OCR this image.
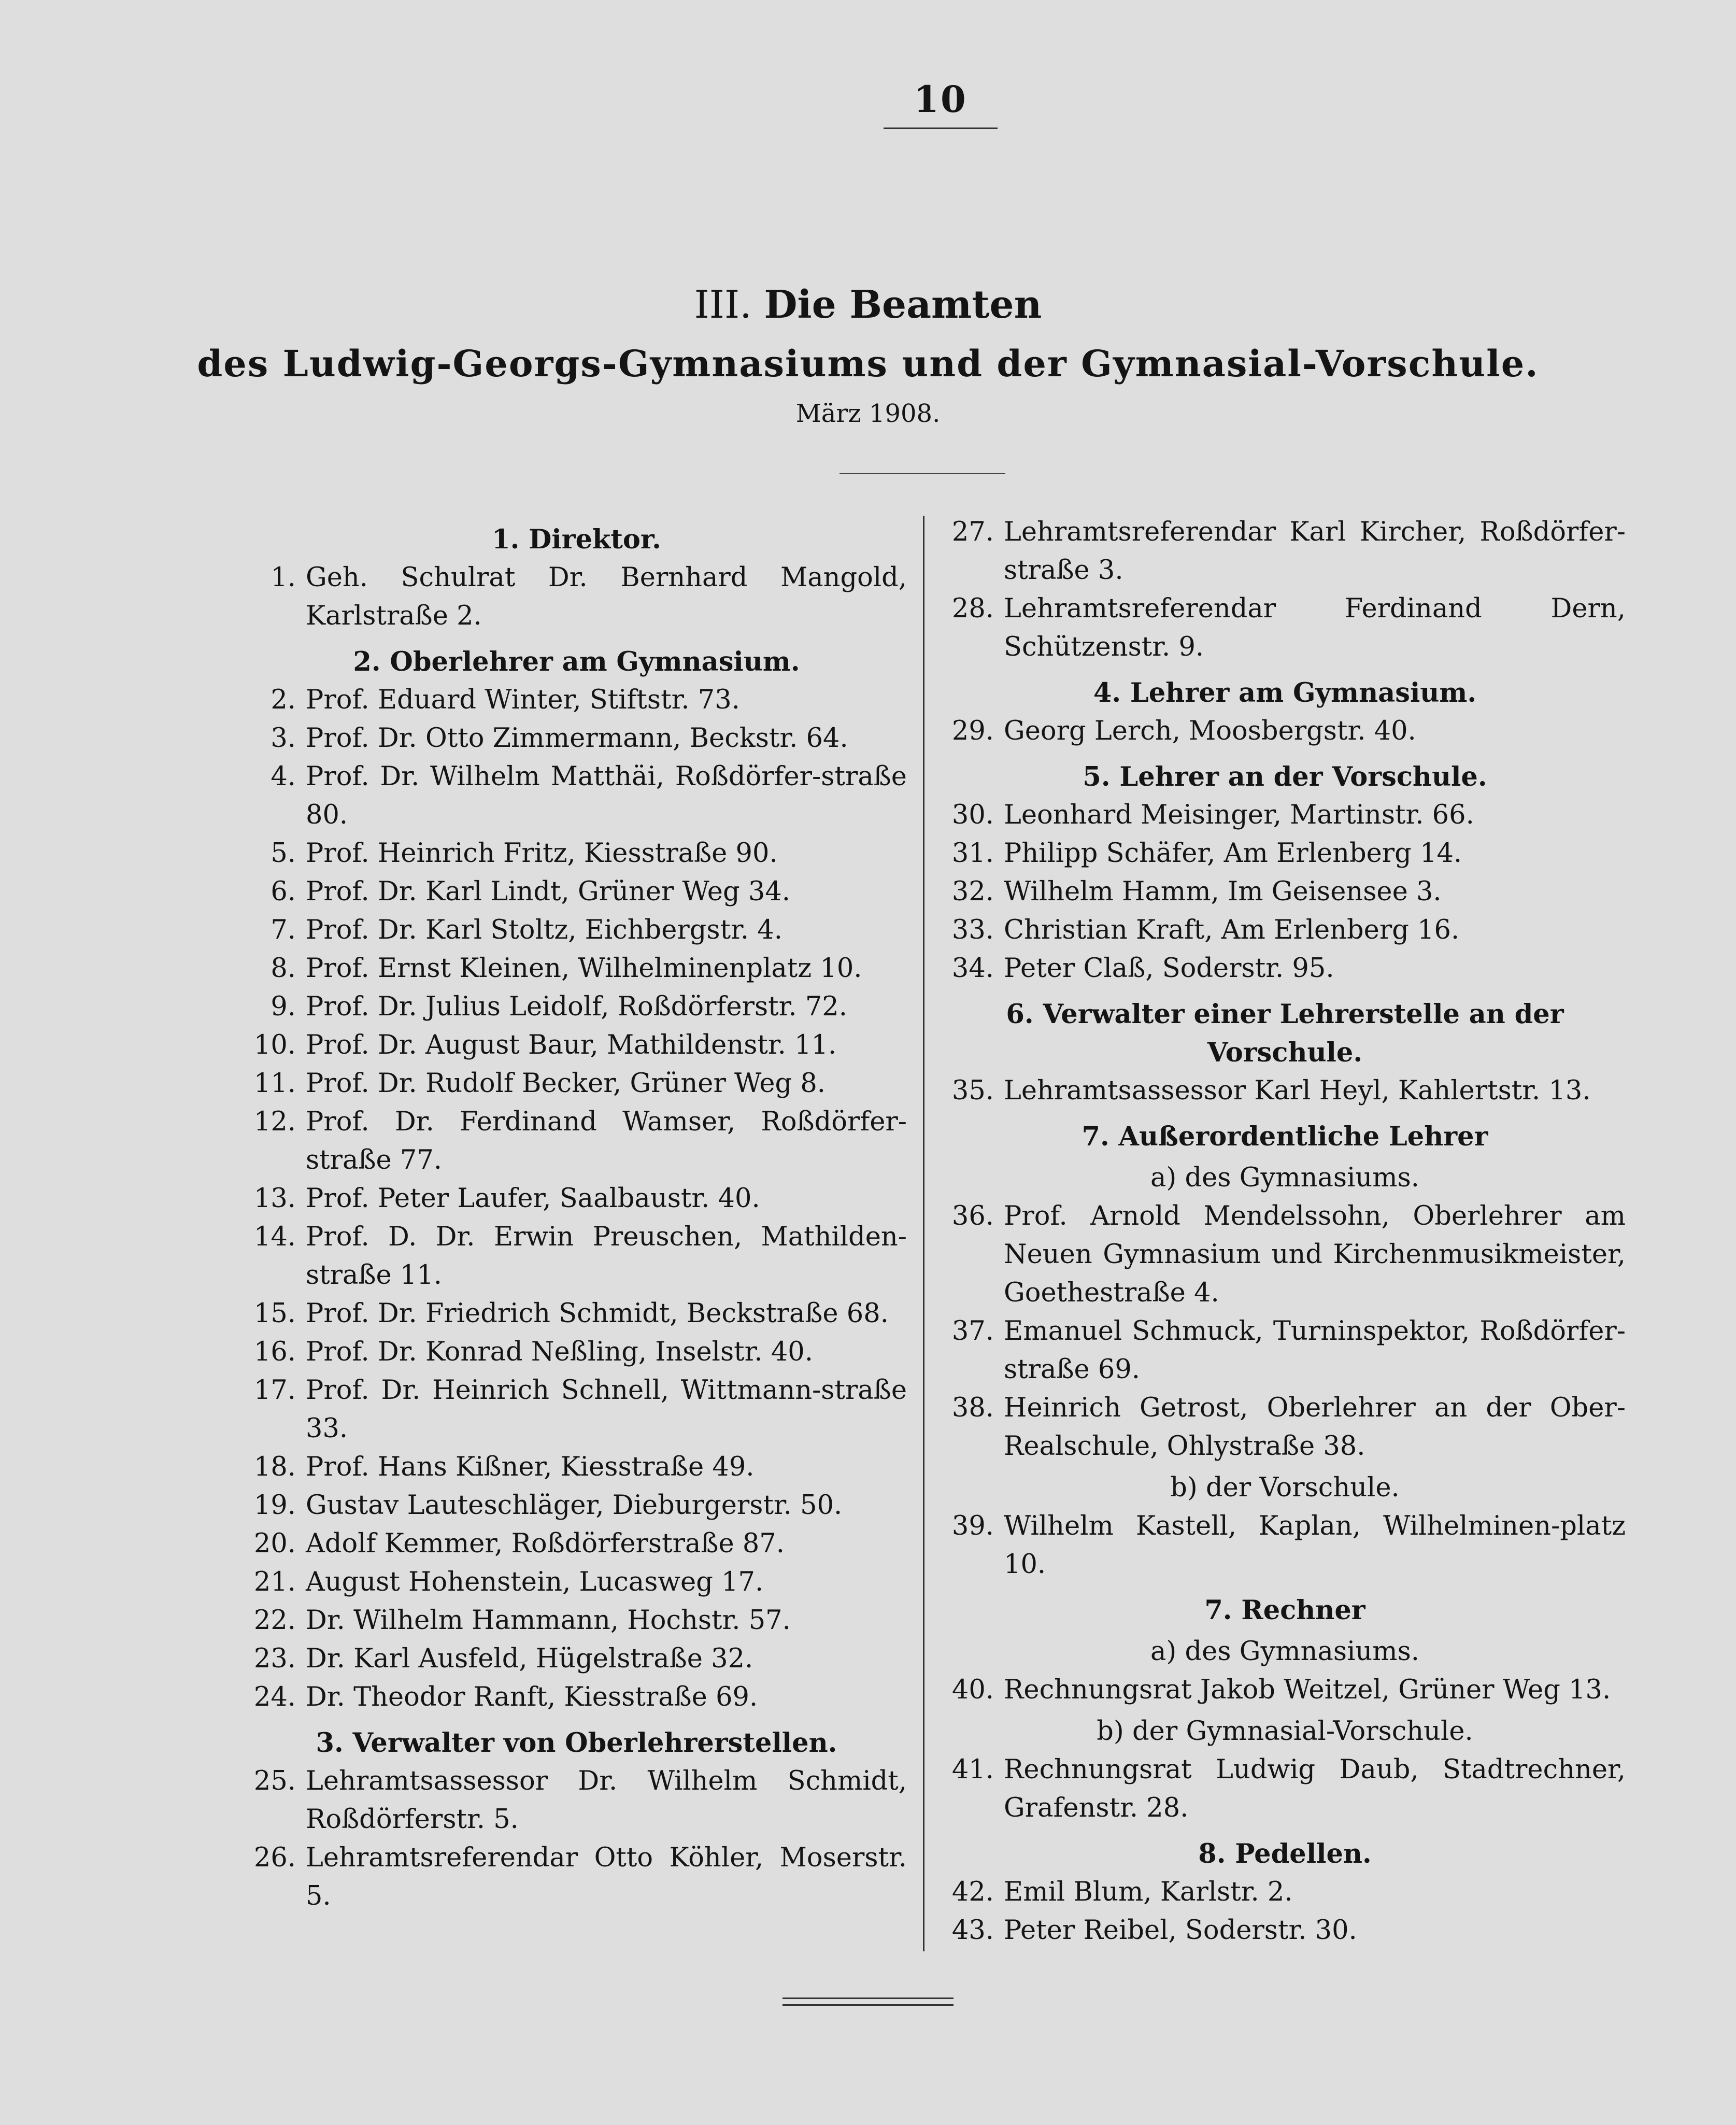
10
III. Die Beamten
des Ludwig-Georgs-Gymnasiums und der Gymnasial-Vorschule.
März 1908.
1. Direktor.
1. Geh. Schulrat Dr. Bernhard Mangold, Karlstraße 2.
2. Oberlehrer am Gymnasium.
2. Prof. Eduard Winter, Stiftstr. 73.
3. Prof. Dr. Otto Zimmermann, Beckstr. 64.
4. Prof. Dr. Wilhelm Matthäi, Roßdörfer-straße 80.
5. Prof. Heinrich Fritz, Kiesstraße 90.
6. Prof. Dr. Karl Lindt, Grüner Weg 34.
7. Prof. Dr. Karl Stoltz, Eichbergstr. 4.
8. Prof. Ernst Kleinen, Wilhelminenplatz 10.
9. Prof. Dr. Julius Leidolf, Roßdörferstr. 72.
10. Prof. Dr. August Baur, Mathildenstr. 11.
11. Prof. Dr. Rudolf Becker, Grüner Weg 8.
12. Prof. Dr. Ferdinand Wamser, Roßdörfer-straße 77.
13. Prof. Peter Laufer, Saalbaustr. 40.
14. Prof. D. Dr. Erwin Preuschen, Mathilden-straße 11.
15. Prof. Dr. Friedrich Schmidt, Beckstraße 68.
16. Prof. Dr. Konrad Neßling, Inselstr. 40.
17. Prof. Dr. Heinrich Schnell, Wittmann-straße 33.
18. Prof. Hans Kißner, Kiesstraße 49.
19. Gustav Lauteschläger, Dieburgerstr. 50.
20. Adolf Kemmer, Roßdörferstraße 87.
21. August Hohenstein, Lucasweg 17.
22. Dr. Wilhelm Hammann, Hochstr. 57.
23. Dr. Karl Ausfeld, Hügelstraße 32.
24. Dr. Theodor Ranft, Kiesstraße 69.
3. Verwalter von Oberlehrerstellen.
25. Lehramtsassessor Dr. Wilhelm Schmidt, Roßdörferstr. 5.
26. Lehramtsreferendar Otto Köhler, Moserstr. 5.
27. Lehramtsreferendar Karl Kircher, Roßdörfer-straße 3.
28. Lehramtsreferendar Ferdinand Dern, Schützenstr. 9.
4. Lehrer am Gymnasium.
29. Georg Lerch, Moosbergstr. 40.
5. Lehrer an der Vorschule.
30. Leonhard Meisinger, Martinstr. 66.
31. Philipp Schäfer, Am Erlenberg 14.
32. Wilhelm Hamm, Im Geisensee 3.
33. Christian Kraft, Am Erlenberg 16.
34. Peter Claß, Soderstr. 95.
6. Verwalter einer Lehrerstelle an der Vorschule.
35. Lehramtsassessor Karl Heyl, Kahlertstr. 13.
7. Außerordentliche Lehrer
a) des Gymnasiums.
36. Prof. Arnold Mendelssohn, Oberlehrer am Neuen Gymnasium und Kirchenmusikmeister, Goethestraße 4.
37. Emanuel Schmuck, Turninspektor, Roßdörfer-straße 69.
38. Heinrich Getrost, Oberlehrer an der Ober-Realschule, Ohlystraße 38.
b) der Vorschule.
39. Wilhelm Kastell, Kaplan, Wilhelminen-platz 10.
7. Rechner
a) des Gymnasiums.
40. Rechnungsrat Jakob Weitzel, Grüner Weg 13.
b) der Gymnasial-Vorschule.
41. Rechnungsrat Ludwig Daub, Stadtrechner, Grafenstr. 28.
8. Pedellen.
42. Emil Blum, Karlstr. 2.
43. Peter Reibel, Soderstr. 30.
